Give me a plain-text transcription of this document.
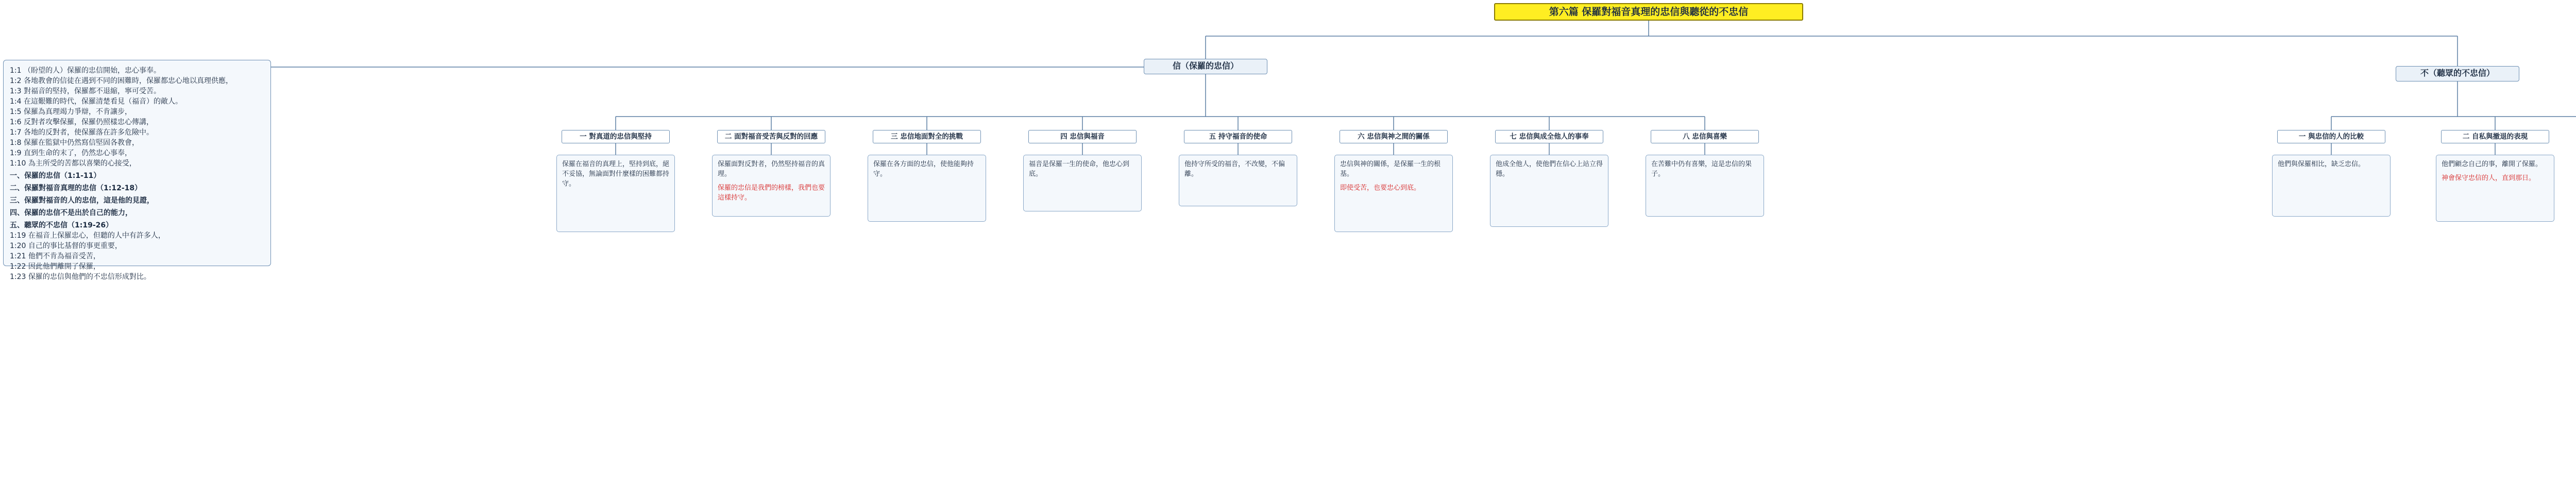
第六篇 保羅對福音真理的忠信與聽從的不忠信
1:1 （盼望的人）保羅的忠信開始，忠心事奉。
1:2 各地教會的信徒在遇到不同的困難時，保羅都忠心地以真理供應，
1:3 對福音的堅持，保羅都不退縮，寧可受苦。
1:4 在這艱難的時代，保羅清楚看見（福音）的敵人。
1:5 保羅為真理竭力爭辯，不肯讓步，
1:6 反對者攻擊保羅，保羅仍照樣忠心傳講，
1:7 各地的反對者，使保羅落在許多危險中。
1:8 保羅在監獄中仍然寫信堅固各教會，
1:9 直到生命的末了，仍然忠心事奉，
1:10 為主所受的苦都以喜樂的心接受，
一、保羅的忠信（1:1-11）
二、保羅對福音真理的忠信（1:12-18）
三、保羅對福音的人的忠信，這是他的見證，
四、保羅的忠信不是出於自己的能力，
五、聽眾的不忠信（1:19-26）
1:19 在福音上保羅忠心，但聽的人中有許多人，
1:20 自己的事比基督的事更重要，
1:21 他們不肯為福音受苦，
1:22 因此他們離開了保羅，
1:23 保羅的忠信與他們的不忠信形成對比。
信（保羅的忠信）
不（聽眾的不忠信）
一 對真道的忠信與堅持	二 面對福音受苦與反對的回應	三 忠信地面對全的挑戰	四 忠信與福音	五 持守福音的使命	六 忠信與神之間的關係	七 忠信與成全他人的事奉	八 忠信與喜樂	一 與忠信的人的比較	二 自私與撤退的表現

保羅在福音的真理上，堅持到底，絕不妥協，無論面對什麼樣的困難都持守。

保羅面對反對者，仍然堅持福音的真理。

保羅的忠信是我們的榜樣，我們也要這樣持守。

保羅在各方面的忠信，使他能夠持守。

福音是保羅一生的使命，他忠心到底。

他持守所受的福音，不改變，不偏離。

忠信與神的關係，是保羅一生的根基。

即使受苦，也要忠心到底。

他成全他人，使他們在信心上站立得穩。

在苦難中仍有喜樂，這是忠信的果子。

他們與保羅相比，缺乏忠信。	他們顧念自己的事，離開了保羅。

神會保守忠信的人，直到那日。
